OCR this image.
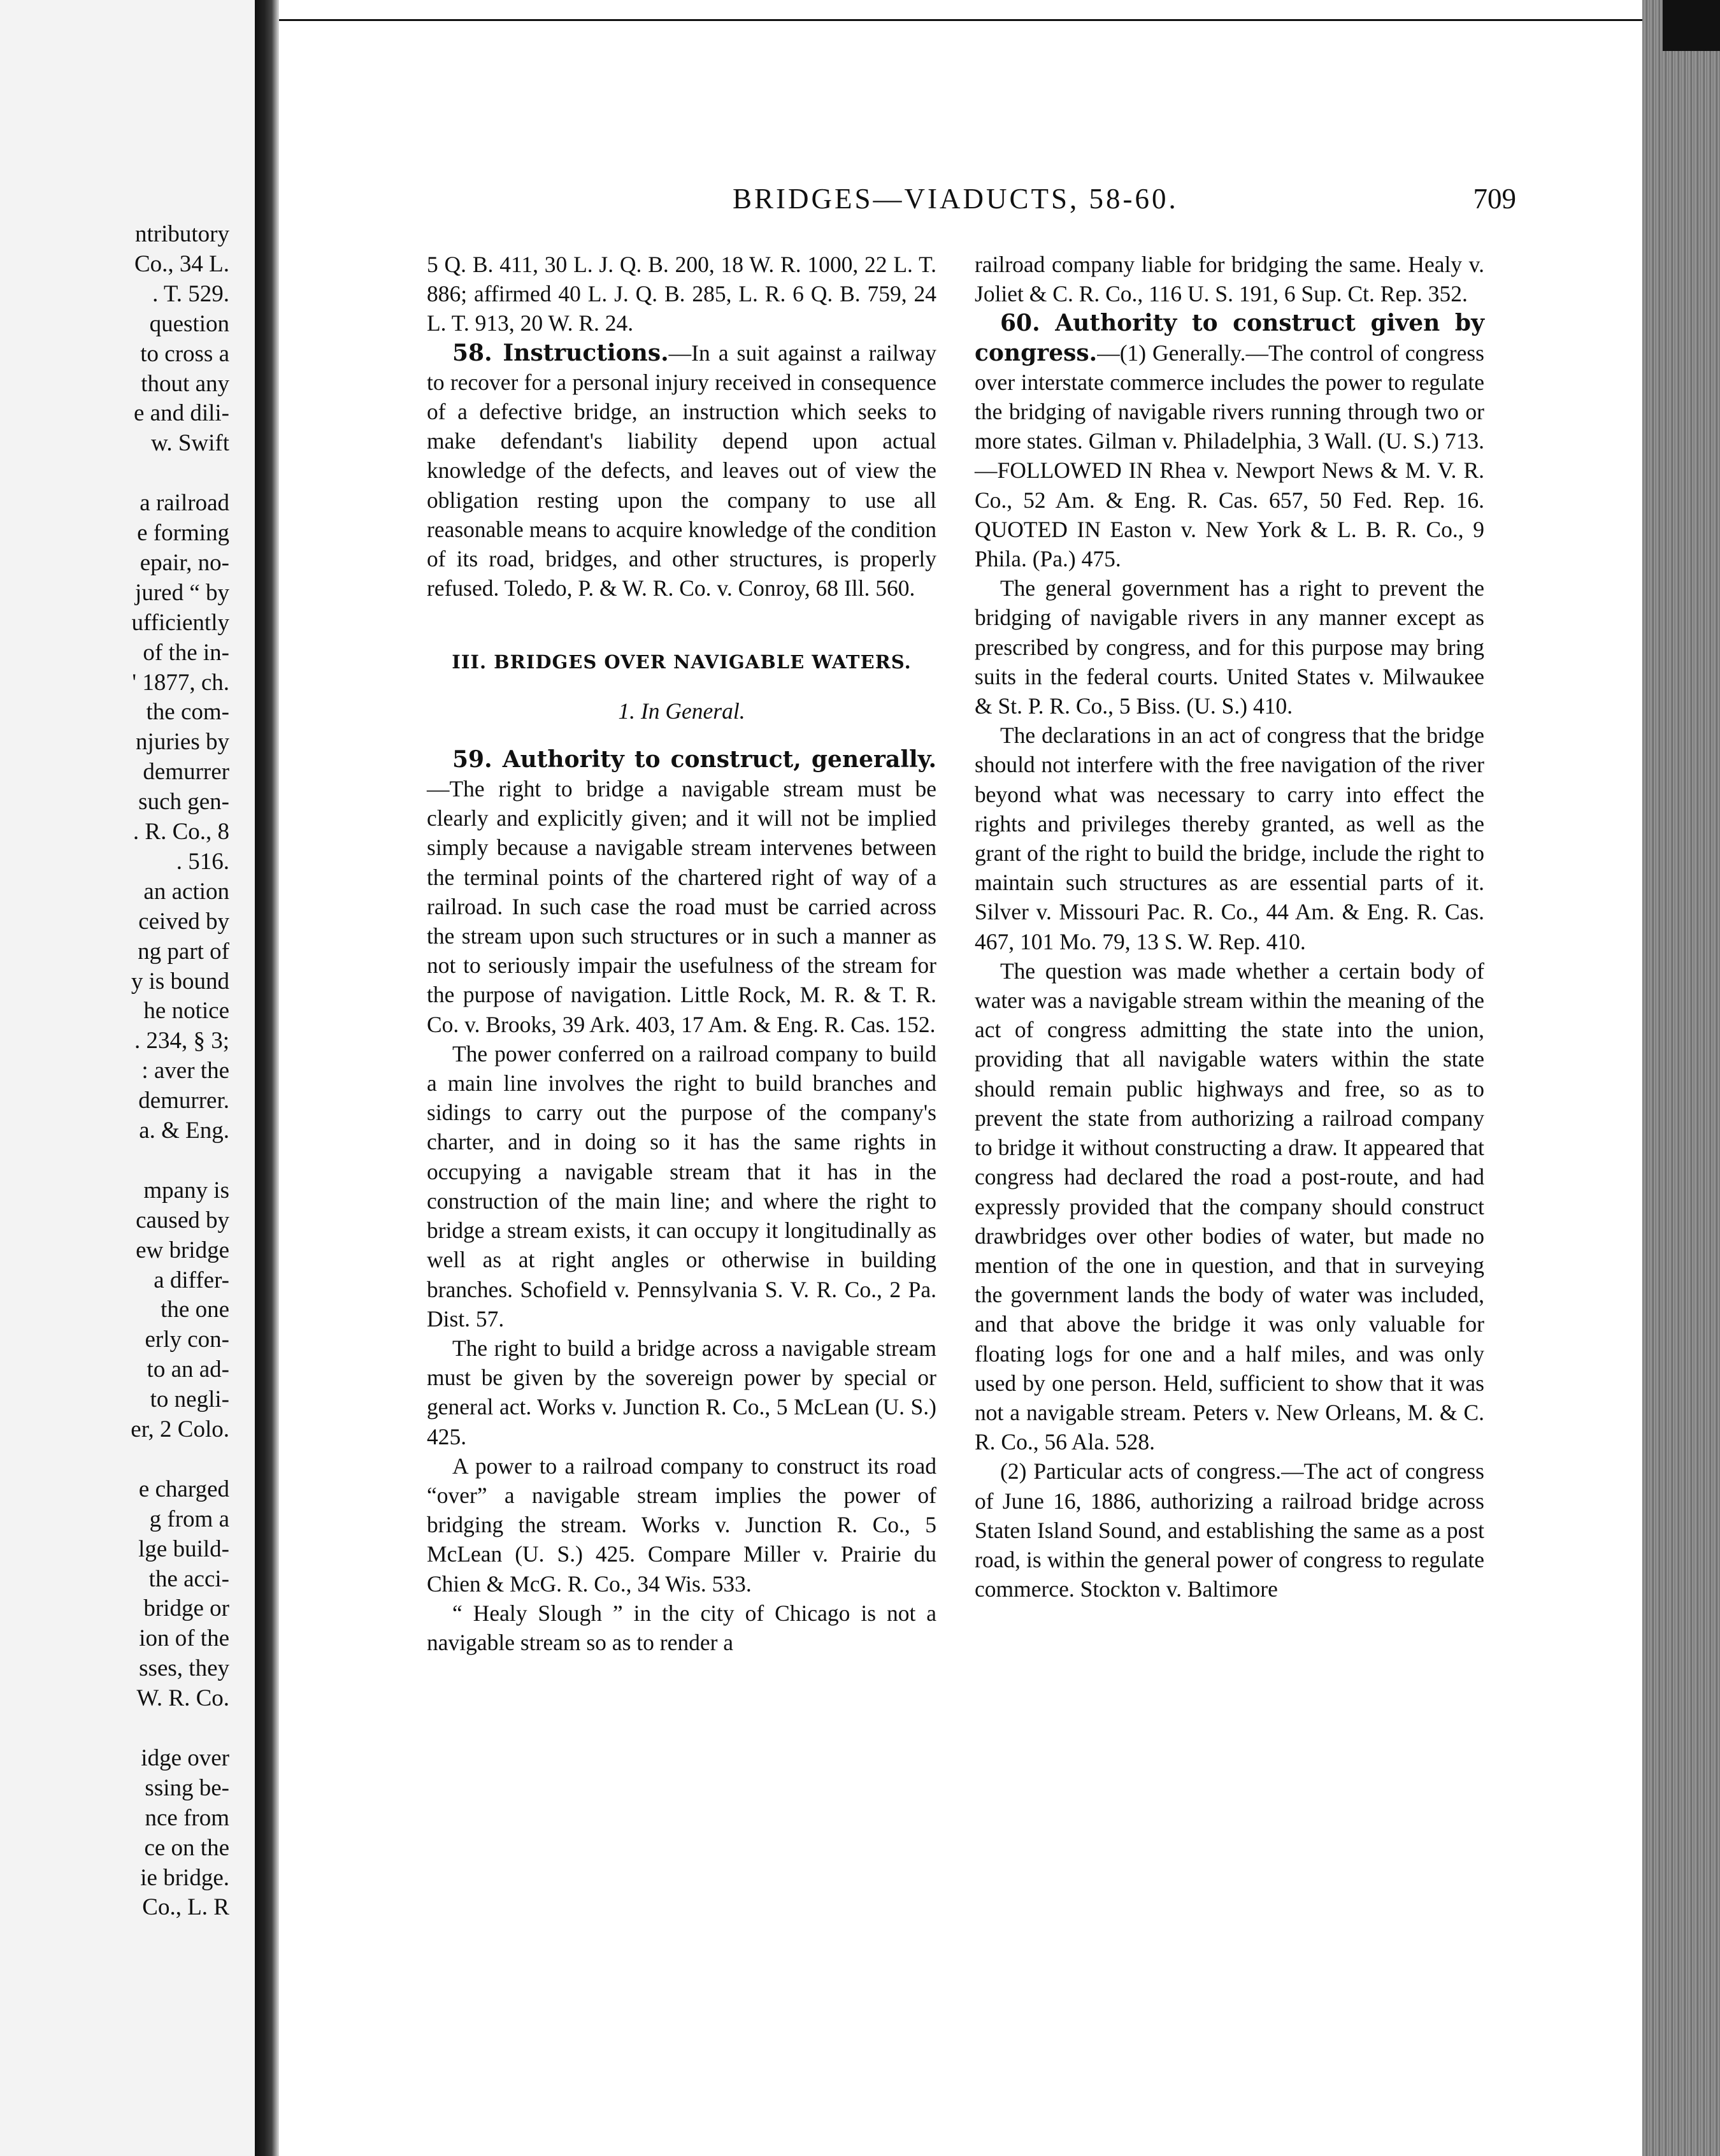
ntributory
Co., 34 L.
. T. 529.
question
to cross a
thout any
e and dili-
w. Swift
a railroad
e forming
epair, no-
jured “ by
ufficiently
of the in-
' 1877, ch.
the com-
njuries by
demurrer
such gen-
. R. Co., 8
. 516.
an action
ceived by
ng part of
y is bound
he notice
. 234, § 3;
: aver the
demurrer.
a. & Eng.
mpany is
caused by
ew bridge
a differ-
the one
erly con-
to an ad-
to negli-
er, 2 Colo.
e charged
g from a
lge build-
the acci-
bridge or
ion of the
sses, they
W. R. Co.
idge over
ssing be-
nce from
ce on the
ie bridge.
Co., L. R
BRIDGES—VIADUCTS, 58-60.	709

5 Q. B. 411, 30 L. J. Q. B. 200, 18 W. R. 1000, 22 L. T. 886; affirmed 40 L. J. Q. B. 285, L. R. 6 Q. B. 759, 24 L. T. 913, 20 W. R. 24.

58. Instructions.—In a suit against a railway to recover for a personal injury received in consequence of a defective bridge, an instruction which seeks to make defendant's liability depend upon actual knowledge of the defects, and leaves out of view the obligation resting upon the company to use all reasonable means to acquire knowledge of the condition of its road, bridges, and other structures, is properly refused. Toledo, P. & W. R. Co. v. Conroy, 68 Ill. 560.

III. BRIDGES OVER NAVIGABLE WATERS.
1. In General.

59. Authority to construct, generally.—The right to bridge a navigable stream must be clearly and explicitly given; and it will not be implied simply because a navigable stream intervenes between the terminal points of the chartered right of way of a railroad. In such case the road must be carried across the stream upon such structures or in such a manner as not to seriously impair the usefulness of the stream for the purpose of navigation. Little Rock, M. R. & T. R. Co. v. Brooks, 39 Ark. 403, 17 Am. & Eng. R. Cas. 152.

The power conferred on a railroad company to build a main line involves the right to build branches and sidings to carry out the purpose of the company's charter, and in doing so it has the same rights in occupying a navigable stream that it has in the construction of the main line; and where the right to bridge a stream exists, it can occupy it longitudinally as well as at right angles or otherwise in building branches. Schofield v. Pennsylvania S. V. R. Co., 2 Pa. Dist. 57.

The right to build a bridge across a navigable stream must be given by the sovereign power by special or general act. Works v. Junction R. Co., 5 McLean (U. S.) 425.

A power to a railroad company to construct its road “over” a navigable stream implies the power of bridging the stream. Works v. Junction R. Co., 5 McLean (U. S.) 425. Compare Miller v. Prairie du Chien & McG. R. Co., 34 Wis. 533.

“ Healy Slough ” in the city of Chicago is not a navigable stream so as to render a

railroad company liable for bridging the same. Healy v. Joliet & C. R. Co., 116 U. S. 191, 6 Sup. Ct. Rep. 352.

60. Authority to construct given by congress.—(1) Generally.—The control of congress over interstate commerce includes the power to regulate the bridging of navigable rivers running through two or more states. Gilman v. Philadelphia, 3 Wall. (U. S.) 713.—FOLLOWED IN Rhea v. Newport News & M. V. R. Co., 52 Am. & Eng. R. Cas. 657, 50 Fed. Rep. 16. QUOTED IN Easton v. New York & L. B. R. Co., 9 Phila. (Pa.) 475.

The general government has a right to prevent the bridging of navigable rivers in any manner except as prescribed by congress, and for this purpose may bring suits in the federal courts. United States v. Milwaukee & St. P. R. Co., 5 Biss. (U. S.) 410.

The declarations in an act of congress that the bridge should not interfere with the free navigation of the river beyond what was necessary to carry into effect the rights and privileges thereby granted, as well as the grant of the right to build the bridge, include the right to maintain such structures as are essential parts of it. Silver v. Missouri Pac. R. Co., 44 Am. & Eng. R. Cas. 467, 101 Mo. 79, 13 S. W. Rep. 410.

The question was made whether a certain body of water was a navigable stream within the meaning of the act of congress admitting the state into the union, providing that all navigable waters within the state should remain public highways and free, so as to prevent the state from authorizing a railroad company to bridge it without constructing a draw. It appeared that congress had declared the road a post-route, and had expressly provided that the company should construct drawbridges over other bodies of water, but made no mention of the one in question, and that in surveying the government lands the body of water was included, and that above the bridge it was only valuable for floating logs for one and a half miles, and was only used by one person. Held, sufficient to show that it was not a navigable stream. Peters v. New Orleans, M. & C. R. Co., 56 Ala. 528.

(2) Particular acts of congress.—The act of congress of June 16, 1886, authorizing a railroad bridge across Staten Island Sound, and establishing the same as a post road, is within the general power of congress to regulate commerce. Stockton v. Baltimore
